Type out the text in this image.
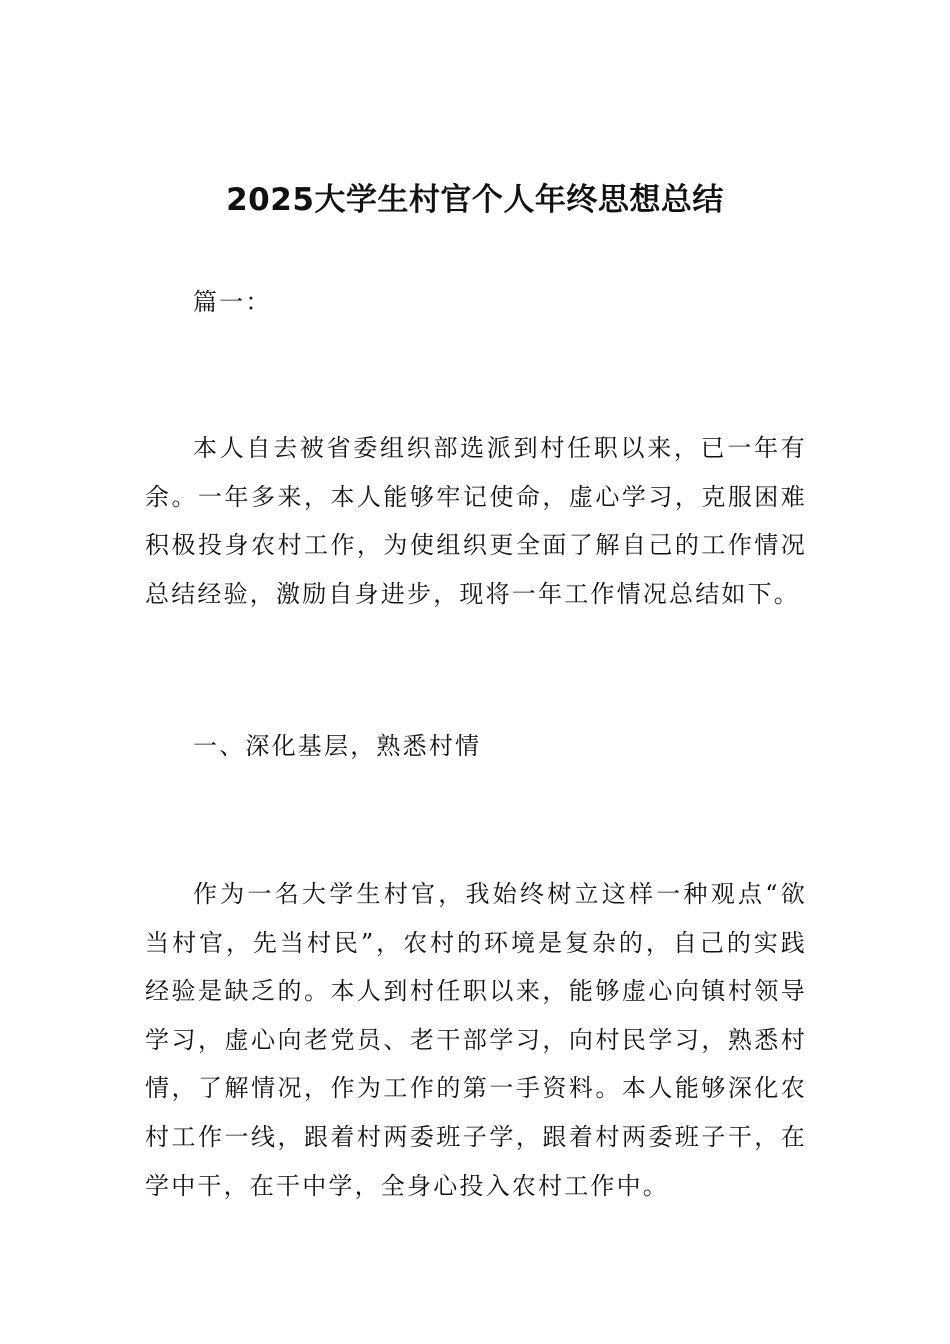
2025大学生村官个人年终思想总结

篇一：

本人自去被省委组织部选派到村任职以来，已一年有余。一年多来，本人能够牢记使命，虚心学习，克服困难积极投身农村工作，为使组织更全面了解自己的工作情况总结经验，激励自身进步，现将一年工作情况总结如下。

一、深化基层，熟悉村情

作为一名大学生村官，我始终树立这样一种观点“欲当村官，先当村民”，农村的环境是复杂的，自己的实践经验是缺乏的。本人到村任职以来，能够虚心向镇村领导学习，虚心向老党员、老干部学习，向村民学习，熟悉村情，了解情况，作为工作的第一手资料。本人能够深化农村工作一线，跟着村两委班子学，跟着村两委班子干，在学中干，在干中学，全身心投入农村工作中。
